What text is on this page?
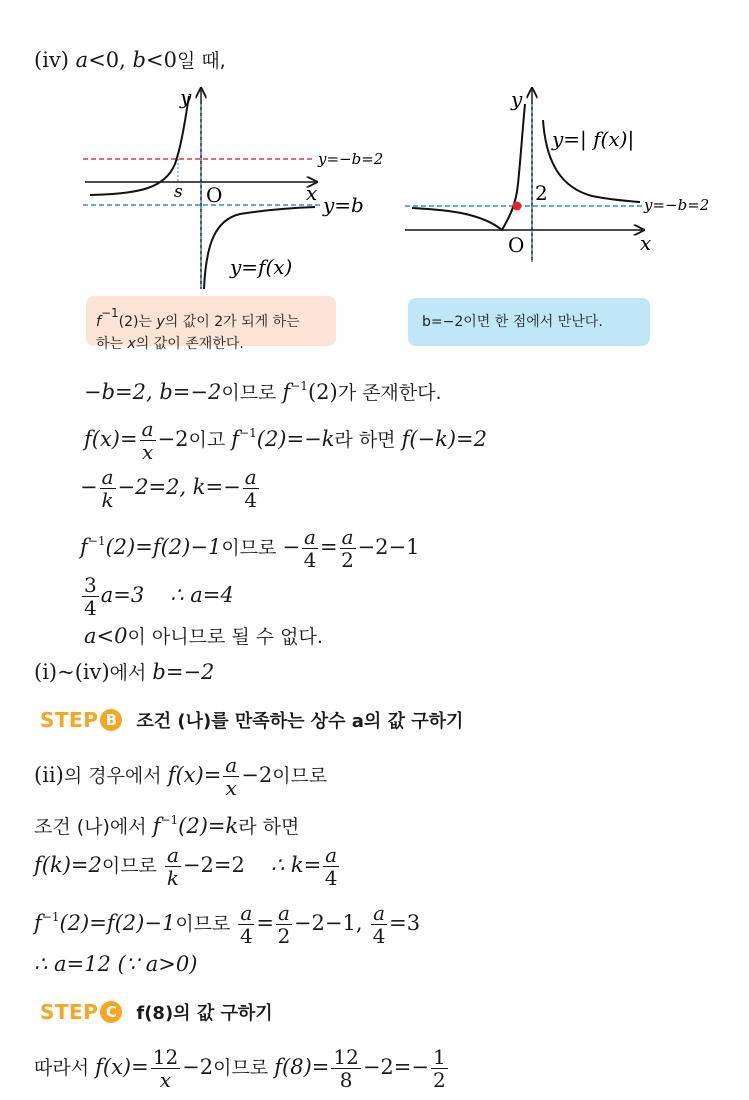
(ⅳ) a<0, b<0일 때,
y
x
O
s
y=−b=2
y=b
y=f(x)
y
x
O
2	y=−b=2
y=| f(x)|
$f^{-1}(2)$는 y의 값이 2가 되게 하는
하는 x의 값이 존재한다.
b=−2이면 한 점에서 만난다.
−b=2, b=−2이므로 $f^{-1}(2)$가 존재한다.
$f(x)= \frac{a}{x} -2$이고 $f^{-1}(2)=-k$라 하면 f(−k)=2
− $\frac{a}{k} -2=2$, $k=- \frac{a}{4}$
$f^{-1}(2)=f(2)-1$이므로 − $\frac{a}{4} = \frac{a}{2} -2-1$
$\frac{3}{4} a=3$ ∴ a=4
a<0이 아니므로 될 수 없다.
(ⅰ)~(ⅳ)에서 b=−2
STEP B 조건 (나)를 만족하는 상수 a의 값 구하기
(ⅱ)의 경우에서 $f(x)= \frac{a}{x} -2$이므로
조건 (나)에서 $f^{-1}(2)=k$라 하면
f(k)=2이므로 $\frac{a}{k} -2=2$ ∴ $k= \frac{a}{4}$
$f^{-1}(2)=f(2)-1$이므로 $\frac{a}{4} = \frac{a}{2} -2-1$, $\frac{a}{4} =3$
∴ a=12 (∵ a>0)
STEP C f(8)의 값 구하기
따라서 $f(x)= \frac{12}{x} -2$이므로 $f(8)= \frac{12}{8} -2=- \frac{1}{2}$
